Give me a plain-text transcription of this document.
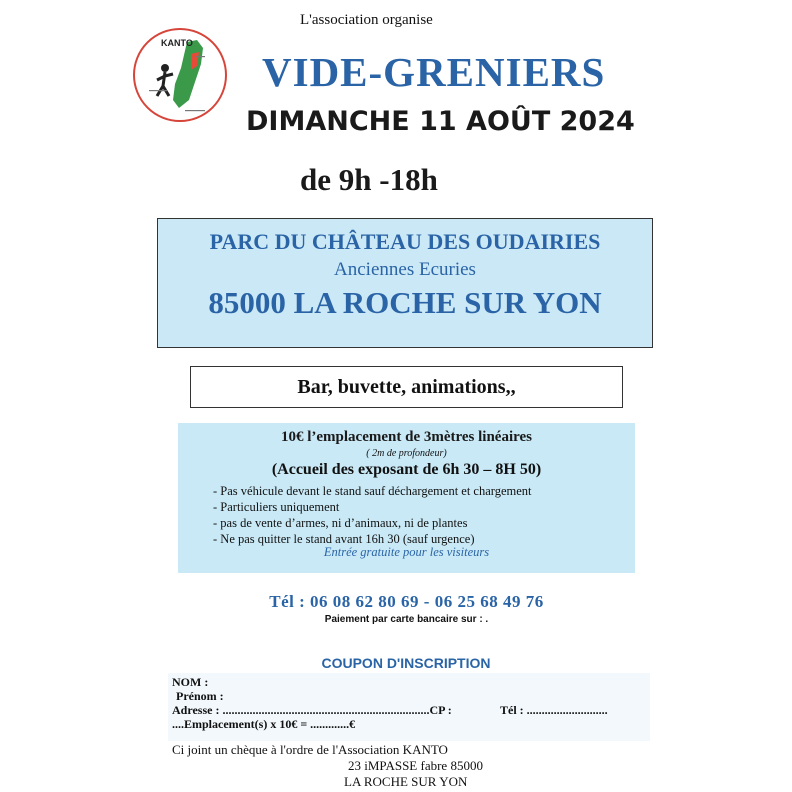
KANTO
L'association organise
VIDE-GRENIERS
DIMANCHE 11 AOÛT 2024
de 9h -18h
PARC DU CHÂTEAU DES OUDAIRIES
Anciennes Ecuries
85000 LA ROCHE SUR YON
Bar, buvette, animations,,
10€ l’emplacement de 3mètres linéaires
( 2m de profondeur)
(Accueil des exposant de 6h 30 – 8H 50)
- Pas véhicule devant le stand sauf déchargement et chargement
- Particuliers uniquement
- pas de vente d’armes, ni d’animaux, ni de plantes
- Ne pas quitter le stand avant 16h 30 (sauf urgence)
Entrée gratuite pour les visiteurs
Tél : 06 08 62 80 69 - 06 25 68 49 76
Paiement par carte bancaire sur : .
COUPON D'INSCRIPTION
NOM :
Prénom :
Adresse : .....................................................................CP :	Tél : ...........................
....Emplacement(s) x 10€ = .............€
Ci joint un chèque à l'ordre de l'Association KANTO
23 iMPASSE fabre 85000
LA ROCHE SUR YON
